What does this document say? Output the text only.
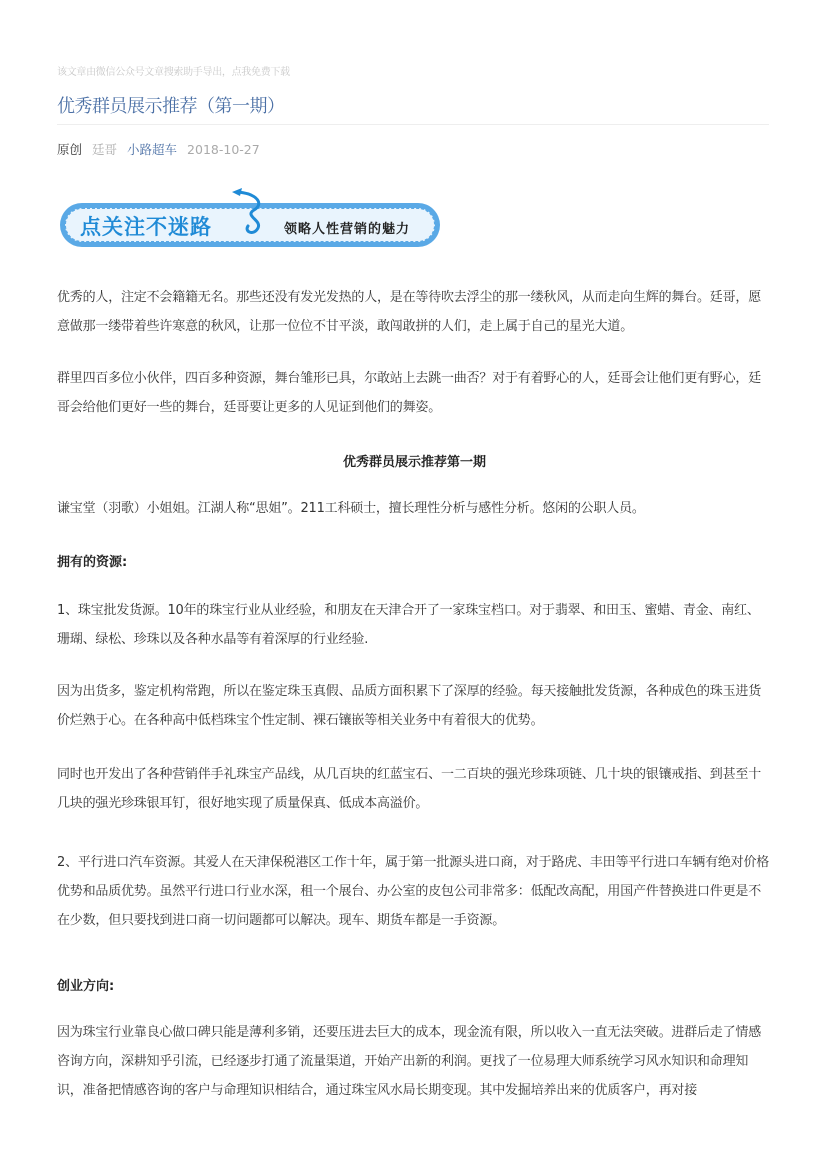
该文章由微信公众号文章搜索助手导出，点我免费下载
优秀群员展示推荐（第一期）
原创 廷哥 小路超车 2018-10-27
点关注不迷路	领略人性营销的魅力
优秀的人，注定不会籍籍无名。那些还没有发光发热的人，是在等待吹去浮尘的那一缕秋风，从而走向生辉的舞台。廷哥，愿意做那一缕带着些许寒意的秋风，让那一位位不甘平淡，敢闯敢拼的人们，走上属于自己的星光大道。
群里四百多位小伙伴，四百多种资源，舞台雏形已具，尔敢站上去跳一曲否？对于有着野心的人，廷哥会让他们更有野心，廷哥会给他们更好一些的舞台，廷哥要让更多的人见证到他们的舞姿。
优秀群员展示推荐第一期
谦宝堂（羽歌）小姐姐。江湖人称“思姐”。211工科硕士，擅长理性分析与感性分析。悠闲的公职人员。
拥有的资源:
1、珠宝批发货源。10年的珠宝行业从业经验，和朋友在天津合开了一家珠宝档口。对于翡翠、和田玉、蜜蜡、青金、南红、珊瑚、绿松、珍珠以及各种水晶等有着深厚的行业经验.
因为出货多，鉴定机构常跑，所以在鉴定珠玉真假、品质方面积累下了深厚的经验。每天接触批发货源，各种成色的珠玉进货价烂熟于心。在各种高中低档珠宝个性定制、裸石镶嵌等相关业务中有着很大的优势。
同时也开发出了各种营销伴手礼珠宝产品线，从几百块的红蓝宝石、一二百块的强光珍珠项链、几十块的银镶戒指、到甚至十几块的强光珍珠银耳钉，很好地实现了质量保真、低成本高溢价。
2、平行进口汽车资源。其爱人在天津保税港区工作十年，属于第一批源头进口商，对于路虎、丰田等平行进口车辆有绝对价格优势和品质优势。虽然平行进口行业水深，租一个展台、办公室的皮包公司非常多：低配改高配，用国产件替换进口件更是不在少数，但只要找到进口商一切问题都可以解决。现车、期货车都是一手资源。
创业方向:
因为珠宝行业靠良心做口碑只能是薄利多销，还要压进去巨大的成本，现金流有限，所以收入一直无法突破。进群后走了情感咨询方向，深耕知乎引流，已经逐步打通了流量渠道，开始产出新的利润。更找了一位易理大师系统学习风水知识和命理知识，准备把情感咨询的客户与命理知识相结合，通过珠宝风水局长期变现。其中发掘培养出来的优质客户，再对接
